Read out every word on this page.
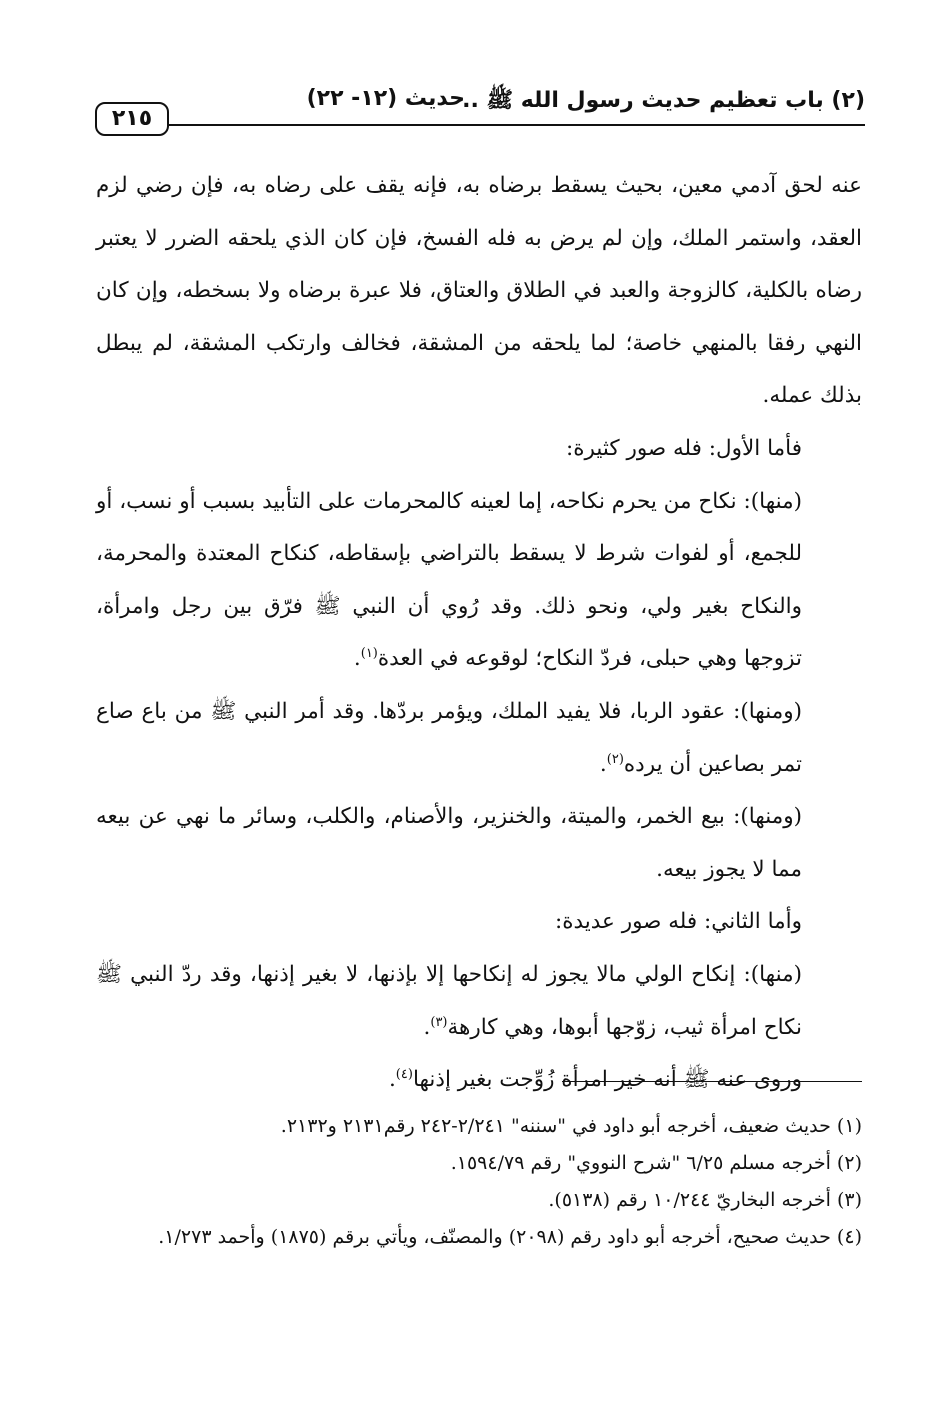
(٢) باب تعظيم حديث رسول الله ﷺ ..
حديث (١٢- ٢٢)
٢١٥

عنه لحق آدمي معين، بحيث يسقط برضاه به، فإنه يقف على رضاه به، فإن رضي لزم العقد، واستمر الملك، وإن لم يرض به فله الفسخ، فإن كان الذي يلحقه الضرر لا يعتبر رضاه بالكلية، كالزوجة والعبد في الطلاق والعتاق، فلا عبرة برضاه ولا بسخطه، وإن كان النهي رفقا بالمنهي خاصة؛ لما يلحقه من المشقة، فخالف وارتكب المشقة، لم يبطل بذلك عمله.

فأما الأول: فله صور كثيرة:

(منها): نكاح من يحرم نكاحه، إما لعينه كالمحرمات على التأبيد بسبب أو نسب، أو للجمع، أو لفوات شرط لا يسقط بالتراضي بإسقاطه، كنكاح المعتدة والمحرمة، والنكاح بغير ولي، ونحو ذلك. وقد رُوي أن النبي ﷺ فرّق بين رجل وامرأة، تزوجها وهي حبلى، فردّ النكاح؛ لوقوعه في العدة$^{(١)}$.

(ومنها): عقود الربا، فلا يفيد الملك، ويؤمر بردّها. وقد أمر النبي ﷺ من باع صاع تمر بصاعين أن يرده$^{(٢)}$.

(ومنها): بيع الخمر، والميتة، والخنزير، والأصنام، والكلب، وسائر ما نهي عن بيعه مما لا يجوز بيعه.

وأما الثاني: فله صور عديدة:

(منها): إنكاح الولي مالا يجوز له إنكاحها إلا بإذنها، لا بغير إذنها، وقد ردّ النبي ﷺ نكاح امرأة ثيب، زوّجها أبوها، وهي كارهة$^{(٣)}$.

وروى عنه ﷺ أنه خير امرأة زُوِّجت بغير إذنها$^{(٤)}$.

(١) حديث ضعيف، أخرجه أبو داود في "سننه" ٢/٢٤١-٢٤٢ رقم٢١٣١ و٢١٣٢.

(٢) أخرجه مسلم ٦/٢٥ "شرح النووي" رقم ١٥٩٤/٧٩.

(٣) أخرجه البخاريّ ١٠/٢٤٤ رقم (٥١٣٨).

(٤) حديث صحيح، أخرجه أبو داود رقم (٢٠٩٨) والمصنّف، ويأتي برقم (١٨٧٥) وأحمد ١/٢٧٣.
